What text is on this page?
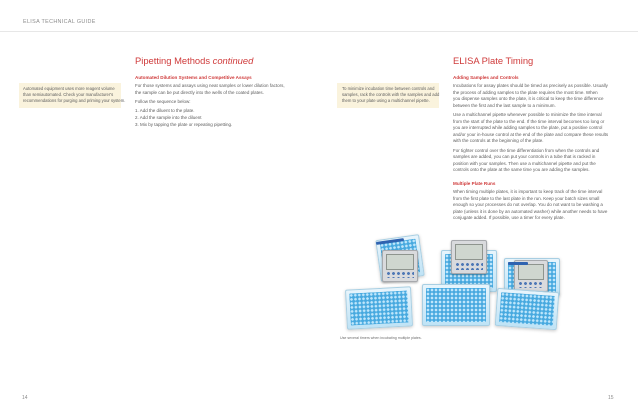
ELISA TECHNICAL GUIDE
Automated equipment uses more reagent volume
than semiautomated. Check your manufacturer's
recommendations for purging and priming your system.
Pipetting Methods continued
Automated Dilution Systems and Competitive Assays

For those systems and assays using neat samples or lower dilution factors,
the sample can be put directly into the wells of the coated plates.

Follow the sequence below:

1. Add the diluent to the plate.
2. Add the sample into the diluent
3. Mix by tapping the plate or repeating pipetting.
14
To minimize incubation time between controls and
samples, rack the controls with the samples and add
them to your plate using a multichannel pipette.
ELISA Plate Timing
Adding Samples and Controls

Incubations for assay plates should be timed as precisely as possible. Usually
the process of adding samples to the plate requires the most time. When
you dispense samples onto the plate, it is critical to keep the time difference
between the first and the last sample to a minimum.

Use a multichannel pipette whenever possible to minimize the time interval
from the start of the plate to the end. If the time interval becomes too long or
you are interrupted while adding samples to the plate, put a positive control
and/or your in-house control at the end of the plate and compare these results
with the controls at the beginning of the plate.

For tighter control over the time differentiation from when the controls and
samples are added, you can put your controls in a tube that is racked in
position with your samples. Then use a multichannel pipette and put the
controls onto the plate at the same time you are adding the samples.

Multiple Plate Runs

When timing multiple plates, it is important to keep track of the time interval
from the first plate to the last plate in the run. Keep your batch sizes small
enough so your processes do not overlap. You do not want to be washing a
plate (unless it is done by an automated washer) while another needs to have
conjugate added. If possible, use a timer for every plate.

Use several timers when incubating multiple plates.
15
